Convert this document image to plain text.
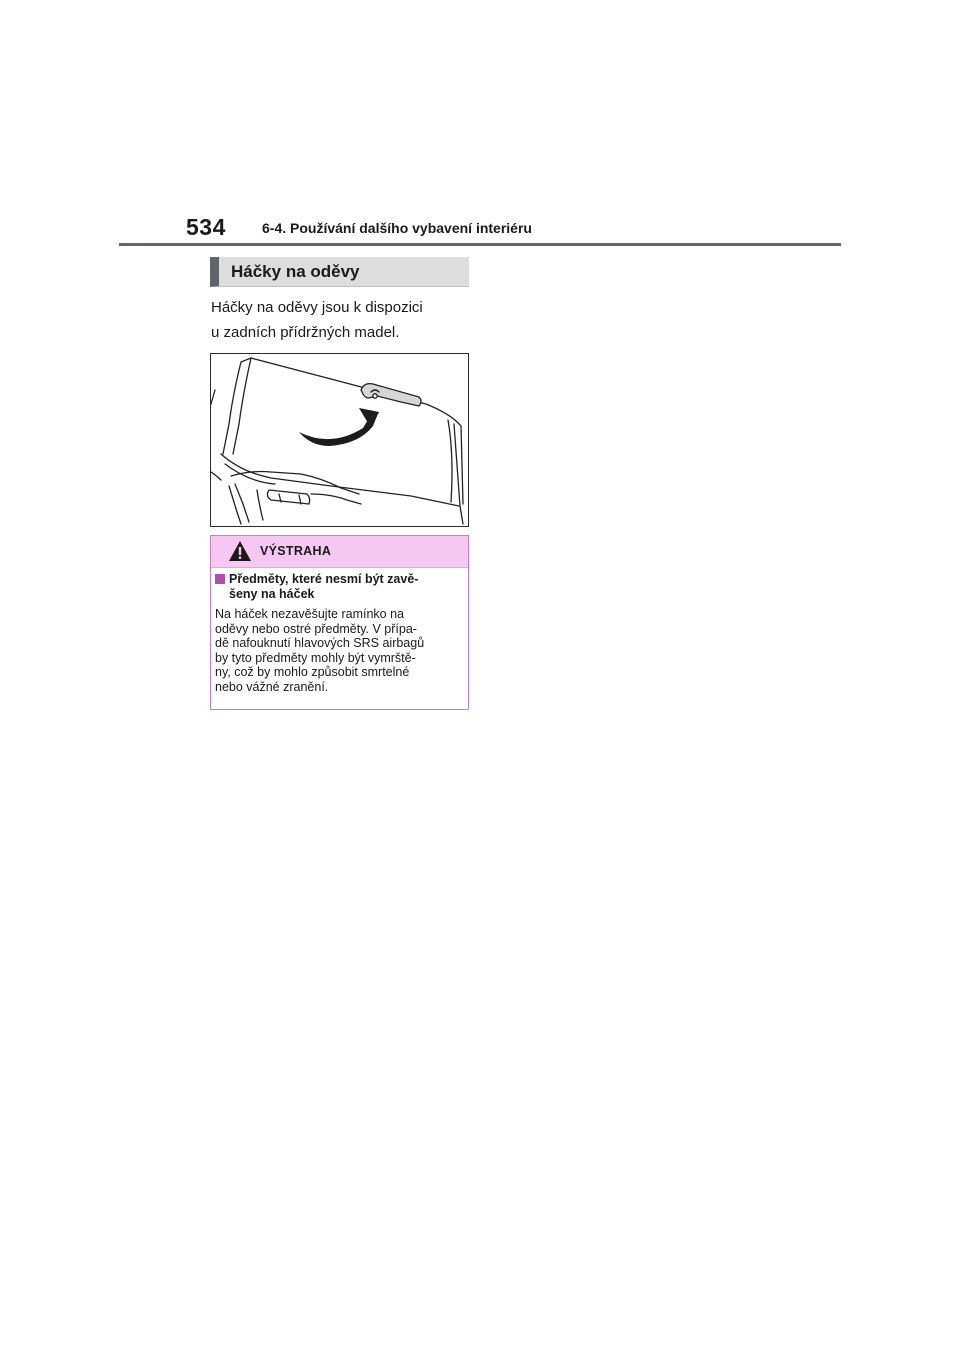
534	6-4. Používání dalšího vybavení interiéru
Háčky na oděvy

Háčky na oděvy jsou k dispozici
u zadních přídržných madel.

VÝSTRAHA
Předměty, které nesmí být zavě-
šeny na háček
Na háček nezavěšujte ramínko na
oděvy nebo ostré předměty. V přípa-
dě nafouknutí hlavových SRS airbagů
by tyto předměty mohly být vymrště-
ny, což by mohlo způsobit smrtelné
nebo vážné zranění.
